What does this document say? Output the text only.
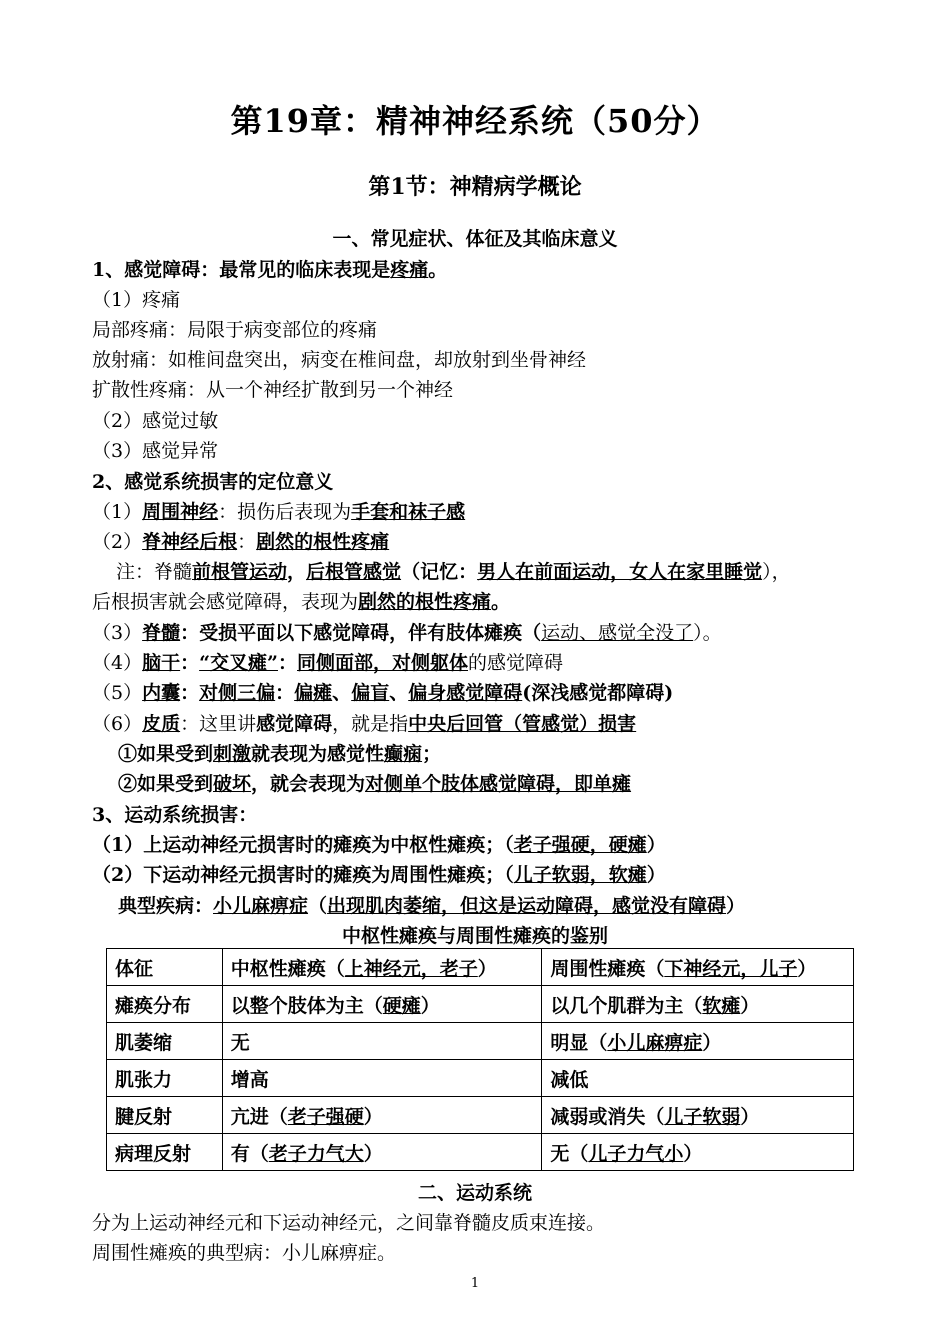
第19章：精神神经系统（50分）
第1节：神精病学概论
一、常见症状、体征及其临床意义
1、感觉障碍：最常见的临床表现是疼痛。
（1）疼痛
局部疼痛：局限于病变部位的疼痛
放射痛：如椎间盘突出，病变在椎间盘，却放射到坐骨神经
扩散性疼痛：从一个神经扩散到另一个神经
（2）感觉过敏
（3）感觉异常
2、感觉系统损害的定位意义
（1）周围神经：损伤后表现为手套和袜子感
（2）脊神经后根：剧然的根性疼痛
注：脊髓前根管运动，后根管感觉（记忆：男人在前面运动，女人在家里睡觉），
后根损害就会感觉障碍，表现为剧然的根性疼痛。
（3）脊髓：受损平面以下感觉障碍，伴有肢体瘫痪（运动、感觉全没了）。
（4）脑干：“交叉瘫”：同侧面部，对侧躯体的感觉障碍
（5）内囊：对侧三偏：偏瘫、偏盲、偏身感觉障碍(深浅感觉都障碍)
（6）皮质：这里讲感觉障碍，就是指中央后回管（管感觉）损害
①如果受到刺激就表现为感觉性癫痫；
②如果受到破坏，就会表现为对侧单个肢体感觉障碍，即单瘫
3、运动系统损害：
（1）上运动神经元损害时的瘫痪为中枢性瘫痪；（老子强硬，硬瘫）
（2）下运动神经元损害时的瘫痪为周围性瘫痪；（儿子软弱，软瘫）
典型疾病：小儿麻痹症（出现肌肉萎缩，但这是运动障碍，感觉没有障碍）
中枢性瘫痪与周围性瘫痪的鉴别
体征	中枢性瘫痪（上神经元，老子）	周围性瘫痪（下神经元，儿子）
瘫痪分布	以整个肢体为主（硬瘫）	以几个肌群为主（软瘫）
肌萎缩	无	明显（小儿麻痹症）
肌张力	增高	减低
腱反射	亢进（老子强硬）	减弱或消失（儿子软弱）
病理反射	有（老子力气大）	无（儿子力气小）
二、运动系统
分为上运动神经元和下运动神经元，之间靠脊髓皮质束连接。
周围性瘫痪的典型病：小儿麻痹症。
1
